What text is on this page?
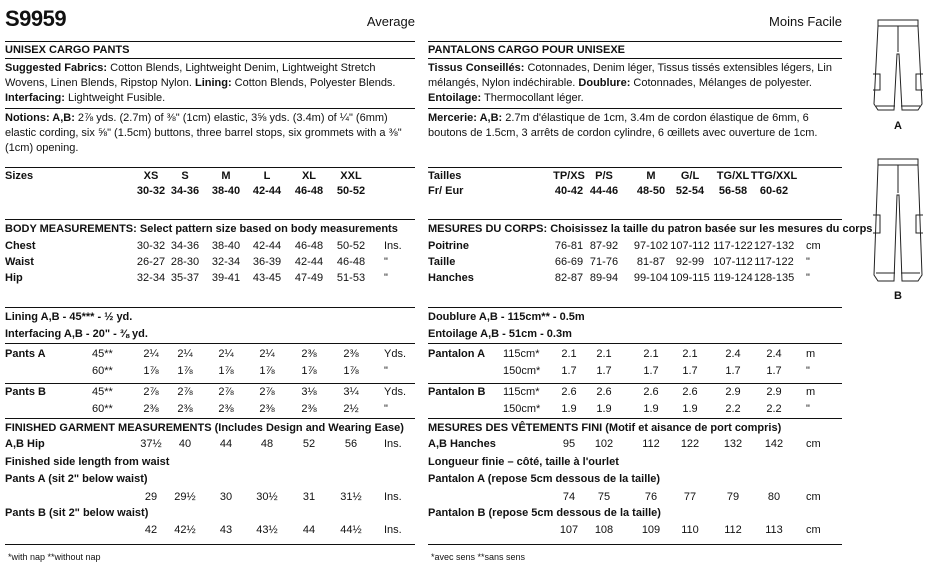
S9959	Average
UNISEX CARGO PANTS
Suggested Fabrics: Cotton Blends, Lightweight Denim, Lightweight Stretch Wovens, Linen Blends, Ripstop Nylon. Lining: Cotton Blends, Polyester Blends. Interfacing: Lightweight Fusible.
Notions: A,B: 2⅞ yds. (2.7m) of ⅜" (1cm) elastic, 3⅝ yds. (3.4m) of ¼" (6mm) elastic cording, six ⅝" (1.5cm) buttons, three barrel stops, six grommets with a ⅜" (1cm) opening.
Sizes	XS	S	M	L	XL	XXL
30-32 34-36	38-40	42-44	46-48	50-52
BODY MEASUREMENTS: Select pattern size based on body measurements
Chest	30-32 34-36	38-40	42-44	46-48	50-52	Ins.
Waist	26-27 28-30	32-34	36-39	42-44	46-48	"
Hip	32-34 35-37	39-41	43-45	47-49	51-53	"
Lining A,B - 45*** - ½ yd.
Interfacing A,B - 20" - ⅜ yd.
Pants A	45*​*	2¼	2¼	2¼	2¼	2⅜	2⅜	Yds.
60*​*	1⅞	1⅞	1⅞	1⅞	1⅞	1⅞	"
Pants B	45*​*	2⅞	2⅞	2⅞	2⅞	3⅛	3¼	Yds.
60*​*	2⅜	2⅜	2⅜	2⅜	2⅜	2½	"
FINISHED GARMENT MEASUREMENTS (Includes Design and Wearing Ease)
A,B Hip	37½	40	44	48	52	56	Ins.
Finished side length from waist
Pants A (sit 2" below waist)
29	29½	30	30½	31	31½	Ins.
Pants B (sit 2" below waist)
42	42½	43	43½	44	44½	Ins.
Moins Facile
PANTALONS CARGO POUR UNISEXE
Tissus Conseillés: Cotonnades, Denim léger, Tissus tissés extensibles légers, Lin mélangés, Nylon indéchirable. Doublure: Cotonnades, Mélanges de polyester.
Entoilage: Thermocollant léger.
Mercerie: A,B: 2.7m d'élastique de 1cm, 3.4m de cordon élastique de 6mm, 6 boutons de 1.5cm, 3 arrêts de cordon cylindre, 6 œillets avec ouverture de 1cm.
Tailles	TP/XS P/S	M	G/L	TG/XL TTG/XXL
Fr/ Eur	40-42 44-46	48-50 52-54	56-58	60-62
MESURES DU CORPS: Choisissez la taille du patron basée sur les mesures du corps
Poitrine	76-81 87-92	97-102 107-112 117-122 127-132	cm
Taille	66-69 71-76	81-87 92-99 107-112 117-122	"
Hanches	82-87 89-94	99-104 109-115 119-124 128-135	"
Doublure A,B - 115cm** - 0.5m
Entoilage A,B - 51cm - 0.3m
Pantalon A 115cm*	2.1	2.1	2.1	2.1	2.4	2.4	m
150cm*	1.7	1.7	1.7	1.7	1.7	1.7	"
Pantalon B 115cm*	2.6	2.6	2.6	2.6	2.9	2.9	m
150cm*	1.9	1.9	1.9	1.9	2.2	2.2	"
MESURES DES VÊTEMENTS FINI (Motif et aisance de port compris)
A,B Hanches	95	102	112	122	132	142	cm
Longueur finie – côté, taille à l'ourlet
Pantalon A (repose 5cm dessous de la taille)
74	75	76	77	79	80	cm
Pantalon B (repose 5cm dessous de la taille)
107	108	109	110	112	113	cm
A
B
*with nap **without nap	*avec sens **sans sens
